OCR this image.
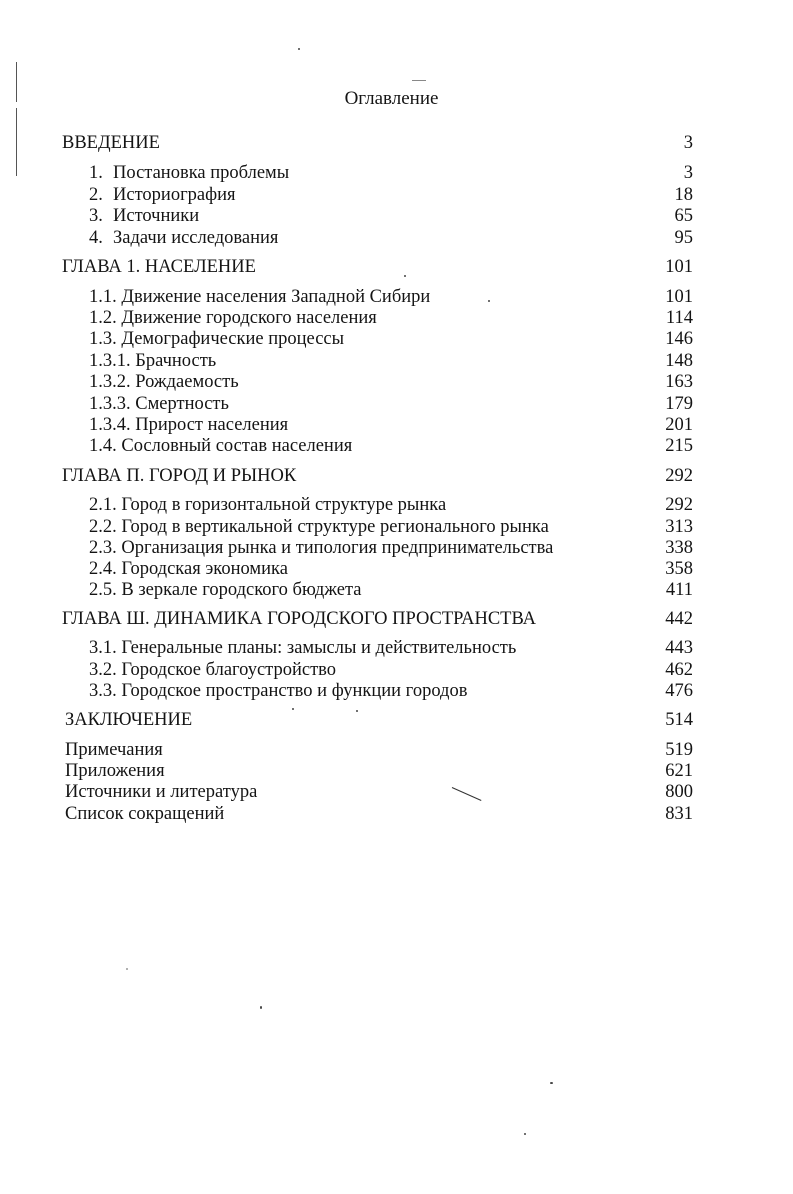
Оглавление
ВВЕДЕНИЕ	3
1. Постановка проблемы	3
2. Историография	18
3. Источники	65
4. Задачи исследования	95
ГЛАВА 1. НАСЕЛЕНИЕ	101
1.1. Движение населения Западной Сибири	101
1.2. Движение городского населения	114
1.3. Демографические процессы	146
1.3.1. Брачность	148
1.3.2. Рождаемость	163
1.3.3. Смертность	179
1.3.4. Прирост населения	201
1.4. Сословный состав населения	215
ГЛАВА П. ГОРОД И РЫНОК	292
2.1. Город в горизонтальной структуре рынка	292
2.2. Город в вертикальной структуре регионального рынка	313
2.3. Организация рынка и типология предпринимательства	338
2.4. Городская экономика	358
2.5. В зеркале городского бюджета	411
ГЛАВА Ш. ДИНАМИКА ГОРОДСКОГО ПРОСТРАНСТВА	442
3.1. Генеральные планы: замыслы и действительность	443
3.2. Городское благоустройство	462
3.3. Городское пространство и функции городов	476
ЗАКЛЮЧЕНИЕ	514
Примечания	519
Приложения	621
Источники и литература	800
Список сокращений	831
